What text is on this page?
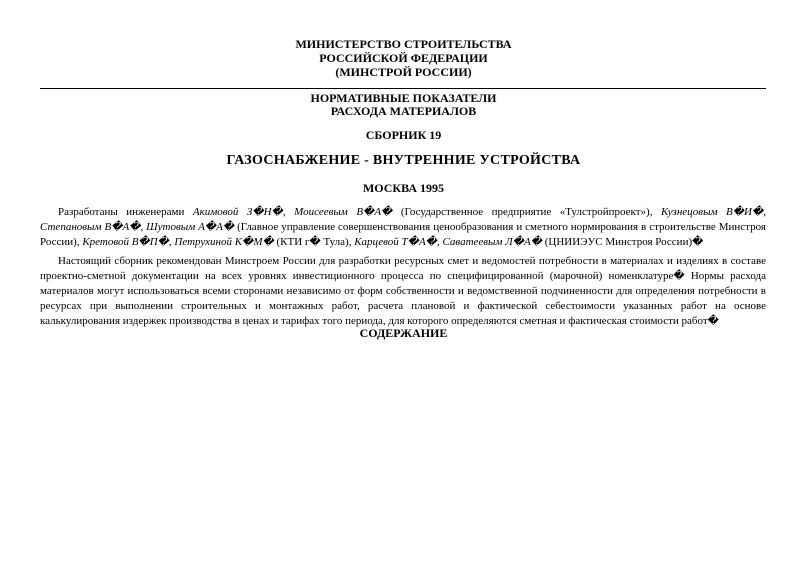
МИНИСТЕРСТВО СТРОИТЕЛЬСТВА
РОССИЙСКОЙ ФЕДЕРАЦИИ
(МИНСТРОЙ РОССИИ)
НОРМАТИВНЫЕ ПОКАЗАТЕЛИ
РАСХОДА МАТЕРИАЛОВ
СБОРНИК 19
ГАЗОСНАБЖЕНИЕ - ВНУТРЕННИЕ УСТРОЙСТВА
МОСКВА 1995

Разработаны инженерами Акимовой З�Н�, Моисеевым В�А� (Государственное предприятие «Тулстройпроект»), Кузнецовым В�И�, Степановым В�А�, Шутовым А�А� (Главное управление совершенствования ценообразования и сметного нормирования в строительстве Минстроя России), Кретовой В�П�, Петрухиной К�М� (КТИ г� Тула), Карцевой Т�А�, Саватеевым Л�А� (ЦНИИЭУС Минстроя России)�

Настоящий сборник рекомендован Минстроем России для разработки ресурсных смет и ведомостей потребности в материалах и изделиях в составе проектно-сметной документации на всех уровнях инвестиционного процесса по специфицированной (марочной) номенклатуре� Нормы расхода материалов могут использоваться всеми сторонами независимо от форм собственности и ведомственной подчиненности для определения потребности в ресурсах при выполнении строительных и монтажных работ, расчета плановой и фактической себестоимости указанных работ на основе калькулирования издержек производства в ценах и тарифах того периода, для которого определяются сметная и фактическая стоимости работ�

СОДЕРЖАНИЕ
